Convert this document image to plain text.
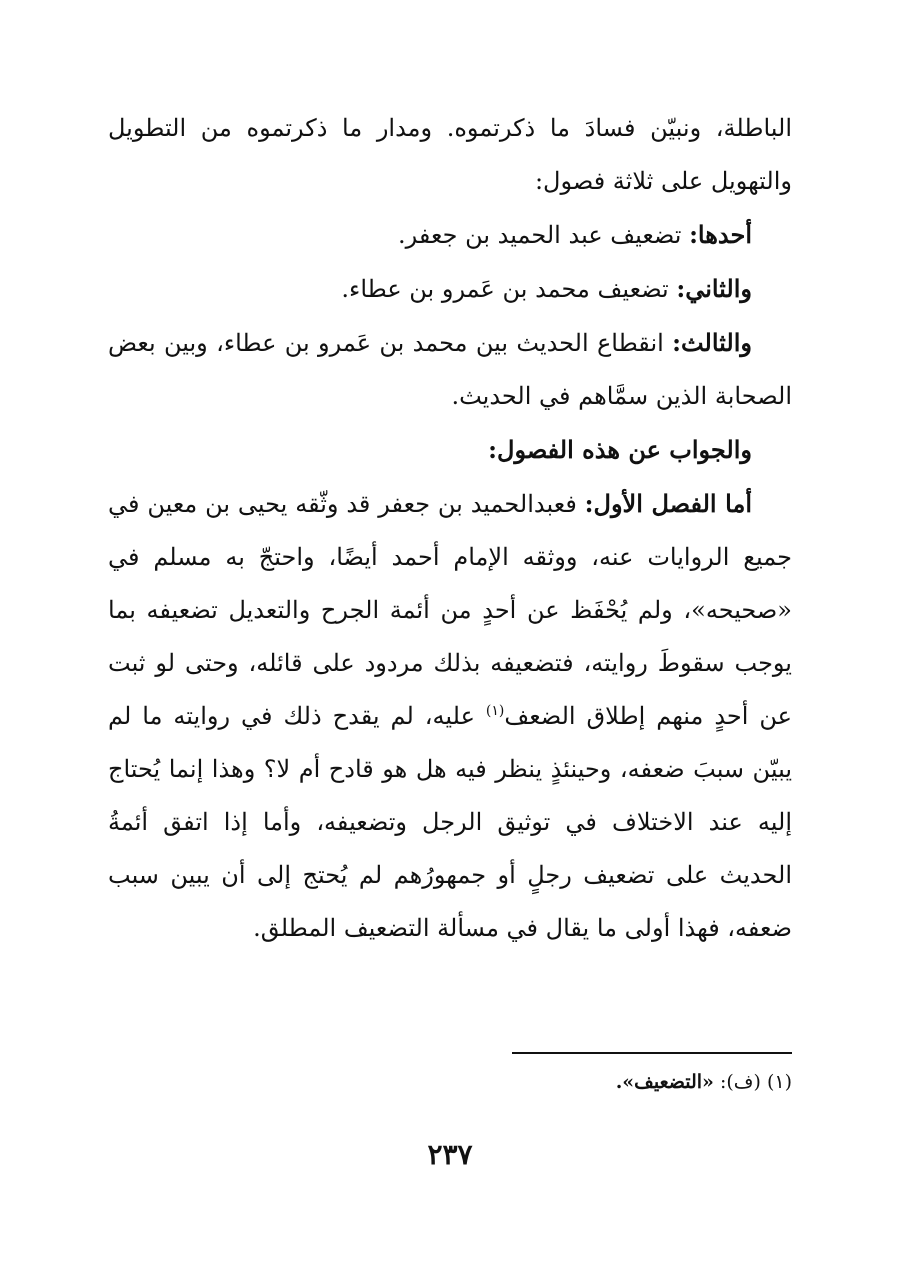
الباطلة، ونبيّن فسادَ ما ذكرتموه. ومدار ما ذكرتموه من التطويل والتهويل على ثلاثة فصول:

أحدها: تضعيف عبد الحميد بن جعفر.

والثاني: تضعيف محمد بن عَمرو بن عطاء.

والثالث: انقطاع الحديث بين محمد بن عَمرو بن عطاء، وبين بعض الصحابة الذين سمَّاهم في الحديث.

والجواب عن هذه الفصول:

أما الفصل الأول: فعبدالحميد بن جعفر قد وثّقه يحيى بن معين في جميع الروايات عنه، ووثقه الإمام أحمد أيضًا، واحتجّ به مسلم في «صحيحه»، ولم يُحْفَظ عن أحدٍ من أئمة الجرح والتعديل تضعيفه بما يوجب سقوطَ روايته، فتضعيفه بذلك مردود على قائله، وحتى لو ثبت عن أحدٍ منهم إطلاق الضعف$^{(١)}$ عليه، لم يقدح ذلك في روايته ما لم يبيّن سببَ ضعفه، وحينئذٍ ينظر فيه هل هو قادح أم لا؟ وهذا إنما يُحتاج إليه عند الاختلاف في توثيق الرجل وتضعيفه، وأما إذا اتفق أئمةُ الحديث على تضعيف رجلٍ أو جمهورُهم لم يُحتج إلى أن يبين سبب ضعفه، فهذا أولى ما يقال في مسألة التضعيف المطلق.

(١) (ف): «التضعيف».
٢٣٧
